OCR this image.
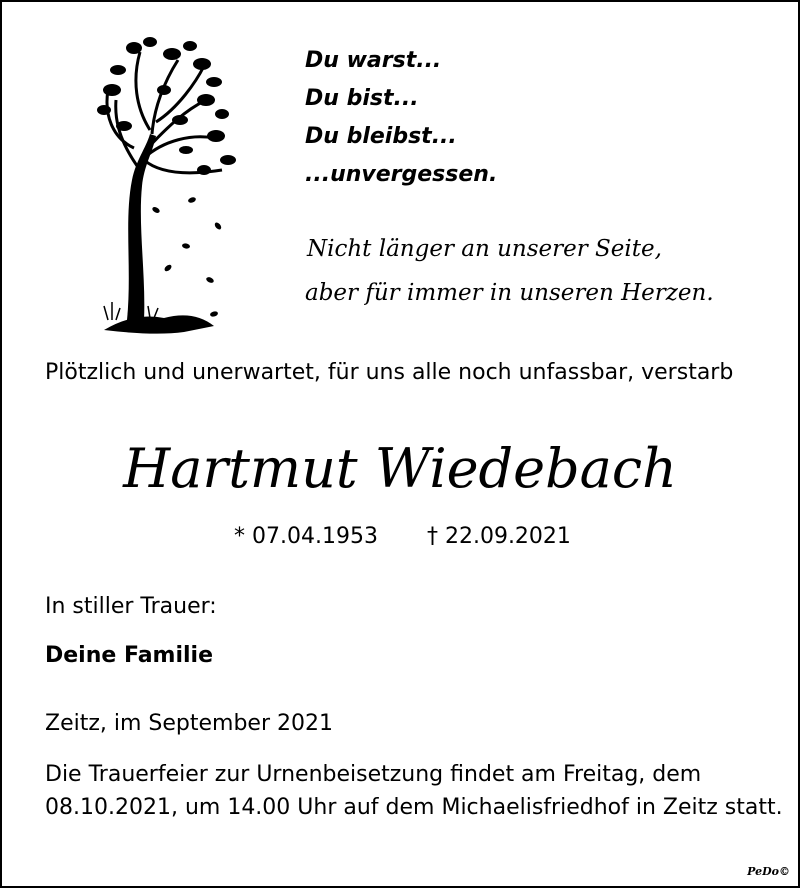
Du warst...
Du bist...
Du bleibst...
...unvergessen.
Nicht länger an unserer Seite,
aber für immer in unseren Herzen.
Plötzlich und unerwartet, für uns alle noch unfassbar, verstarb
Hartmut Wiedebach
* 07.04.1953 † 22.09.2021
In stiller Trauer:
Deine Familie
Zeitz, im September 2021
Die Trauerfeier zur Urnenbeisetzung findet am Freitag, dem 08.10.2021, um 14.00 Uhr auf dem Michaelisfriedhof in Zeitz statt.
PeDo©
